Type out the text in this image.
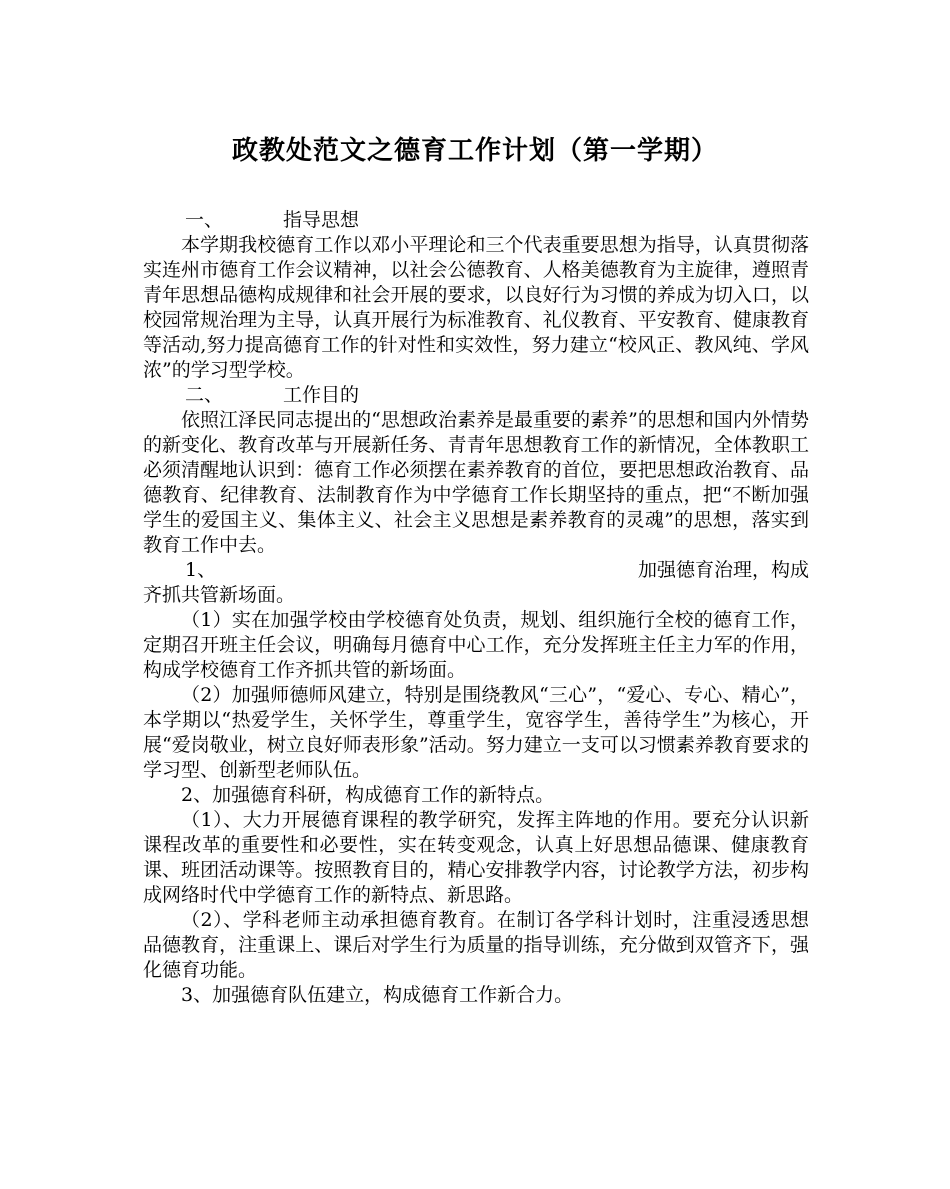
政教处范文之德育工作计划（第一学期）

一、	指导思想

本学期我校德育工作以邓小平理论和三个代表重要思想为指导，认真贯彻落实连州市德育工作会议精神，以社会公德教育、人格美德教育为主旋律，遵照青青年思想品德构成规律和社会开展的要求，以良好行为习惯的养成为切入口，以校园常规治理为主导，认真开展行为标准教育、礼仪教育、平安教育、健康教育等活动,努力提高德育工作的针对性和实效性，努力建立“校风正、教风纯、学风浓”的学习型学校。

二、	工作目的

依照江泽民同志提出的“思想政治素养是最重要的素养”的思想和国内外情势的新变化、教育改革与开展新任务、青青年思想教育工作的新情况，全体教职工必须清醒地认识到：德育工作必须摆在素养教育的首位，要把思想政治教育、品德教育、纪律教育、法制教育作为中学德育工作长期坚持的重点，把“不断加强学生的爱国主义、集体主义、社会主义思想是素养教育的灵魂”的思想，落实到教育工作中去。

1、	加强德育治理，构成
齐抓共管新场面。

（1）实在加强学校由学校德育处负责，规划、组织施行全校的德育工作，定期召开班主任会议，明确每月德育中心工作，充分发挥班主任主力军的作用，构成学校德育工作齐抓共管的新场面。

（2）加强师德师风建立，特别是围绕教风“三心”，“爱心、专心、精心”，本学期以“热爱学生，关怀学生，尊重学生，宽容学生，善待学生”为核心，开展“爱岗敬业，树立良好师表形象”活动。努力建立一支可以习惯素养教育要求的学习型、创新型老师队伍。

2、加强德育科研，构成德育工作的新特点。

（1）、大力开展德育课程的教学研究，发挥主阵地的作用。要充分认识新课程改革的重要性和必要性，实在转变观念，认真上好思想品德课、健康教育课、班团活动课等。按照教育目的，精心安排教学内容，讨论教学方法，初步构成网络时代中学德育工作的新特点、新思路。

（2）、学科老师主动承担德育教育。在制订各学科计划时，注重浸透思想品德教育，注重课上、课后对学生行为质量的指导训练，充分做到双管齐下，强化德育功能。

3、加强德育队伍建立，构成德育工作新合力。
